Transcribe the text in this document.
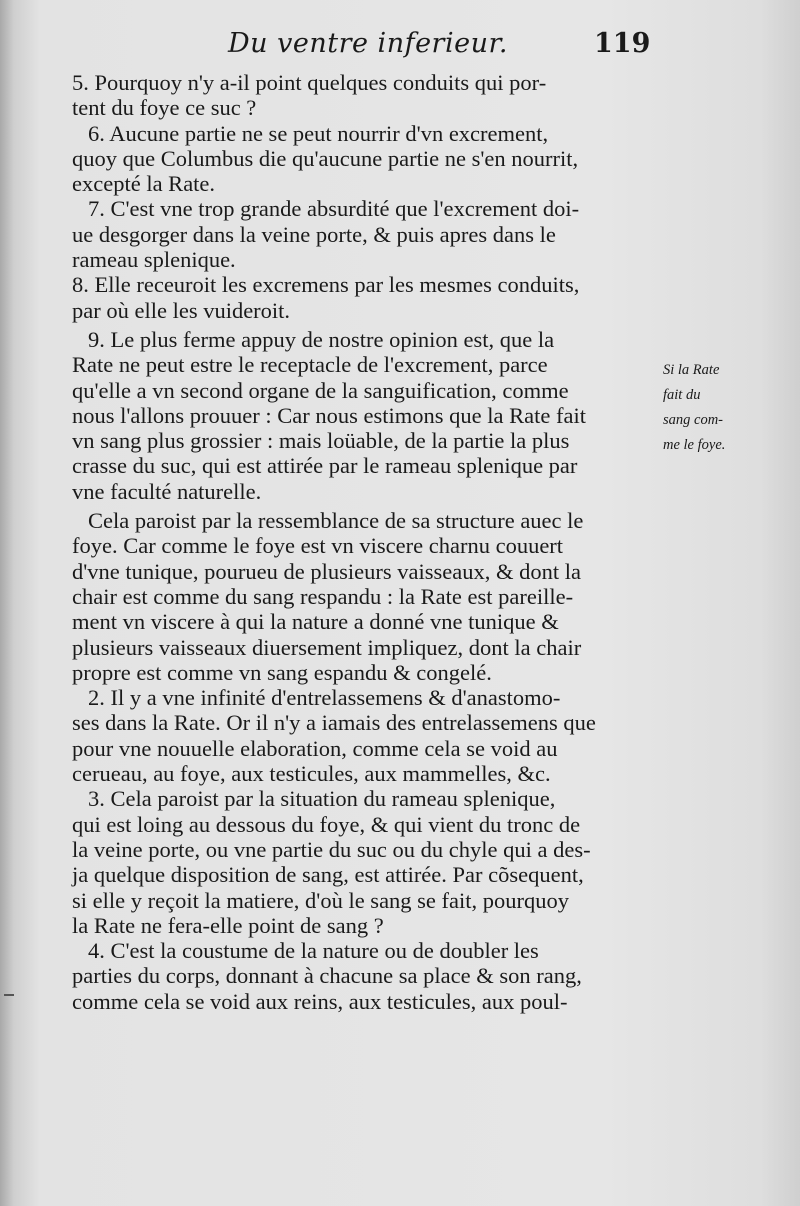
Du ventre inferieur.	119
5. Pourquoy n'y a-il point quelques conduits qui por-
tent du foye ce suc ?
6. Aucune partie ne se peut nourrir d'vn excrement,
quoy que Columbus die qu'aucune partie ne s'en nourrit,
excepté la Rate.
7. C'est vne trop grande absurdité que l'excrement doi-
ue desgorger dans la veine porte, & puis apres dans le
rameau splenique.
8. Elle receuroit les excremens par les mesmes conduits,
par où elle les vuideroit.
9. Le plus ferme appuy de nostre opinion est, que la
Rate ne peut estre le receptacle de l'excrement, parce
qu'elle a vn second organe de la sanguification, comme
nous l'allons prouuer : Car nous estimons que la Rate fait
vn sang plus grossier : mais loüable, de la partie la plus
crasse du suc, qui est attirée par le rameau splenique par
vne faculté naturelle.
Cela paroist par la ressemblance de sa structure auec le
foye. Car comme le foye est vn viscere charnu couuert
d'vne tunique, pourueu de plusieurs vaisseaux, & dont la
chair est comme du sang respandu : la Rate est pareille-
ment vn viscere à qui la nature a donné vne tunique &
plusieurs vaisseaux diuersement impliquez, dont la chair
propre est comme vn sang espandu & congelé.
2. Il y a vne infinité d'entrelassemens & d'anastomo-
ses dans la Rate. Or il n'y a iamais des entrelassemens que
pour vne nouuelle elaboration, comme cela se void au
cerueau, au foye, aux testicules, aux mammelles, &c.
3. Cela paroist par la situation du rameau splenique,
qui est loing au dessous du foye, & qui vient du tronc de
la veine porte, ou vne partie du suc ou du chyle qui a des-
ja quelque disposition de sang, est attirée. Par cõsequent,
si elle y reçoit la matiere, d'où le sang se fait, pourquoy
la Rate ne fera-elle point de sang ?
4. C'est la coustume de la nature ou de doubler les
parties du corps, donnant à chacune sa place & son rang,
comme cela se void aux reins, aux testicules, aux poul-
Si la Rate
fait du
sang com-
me le foye.
